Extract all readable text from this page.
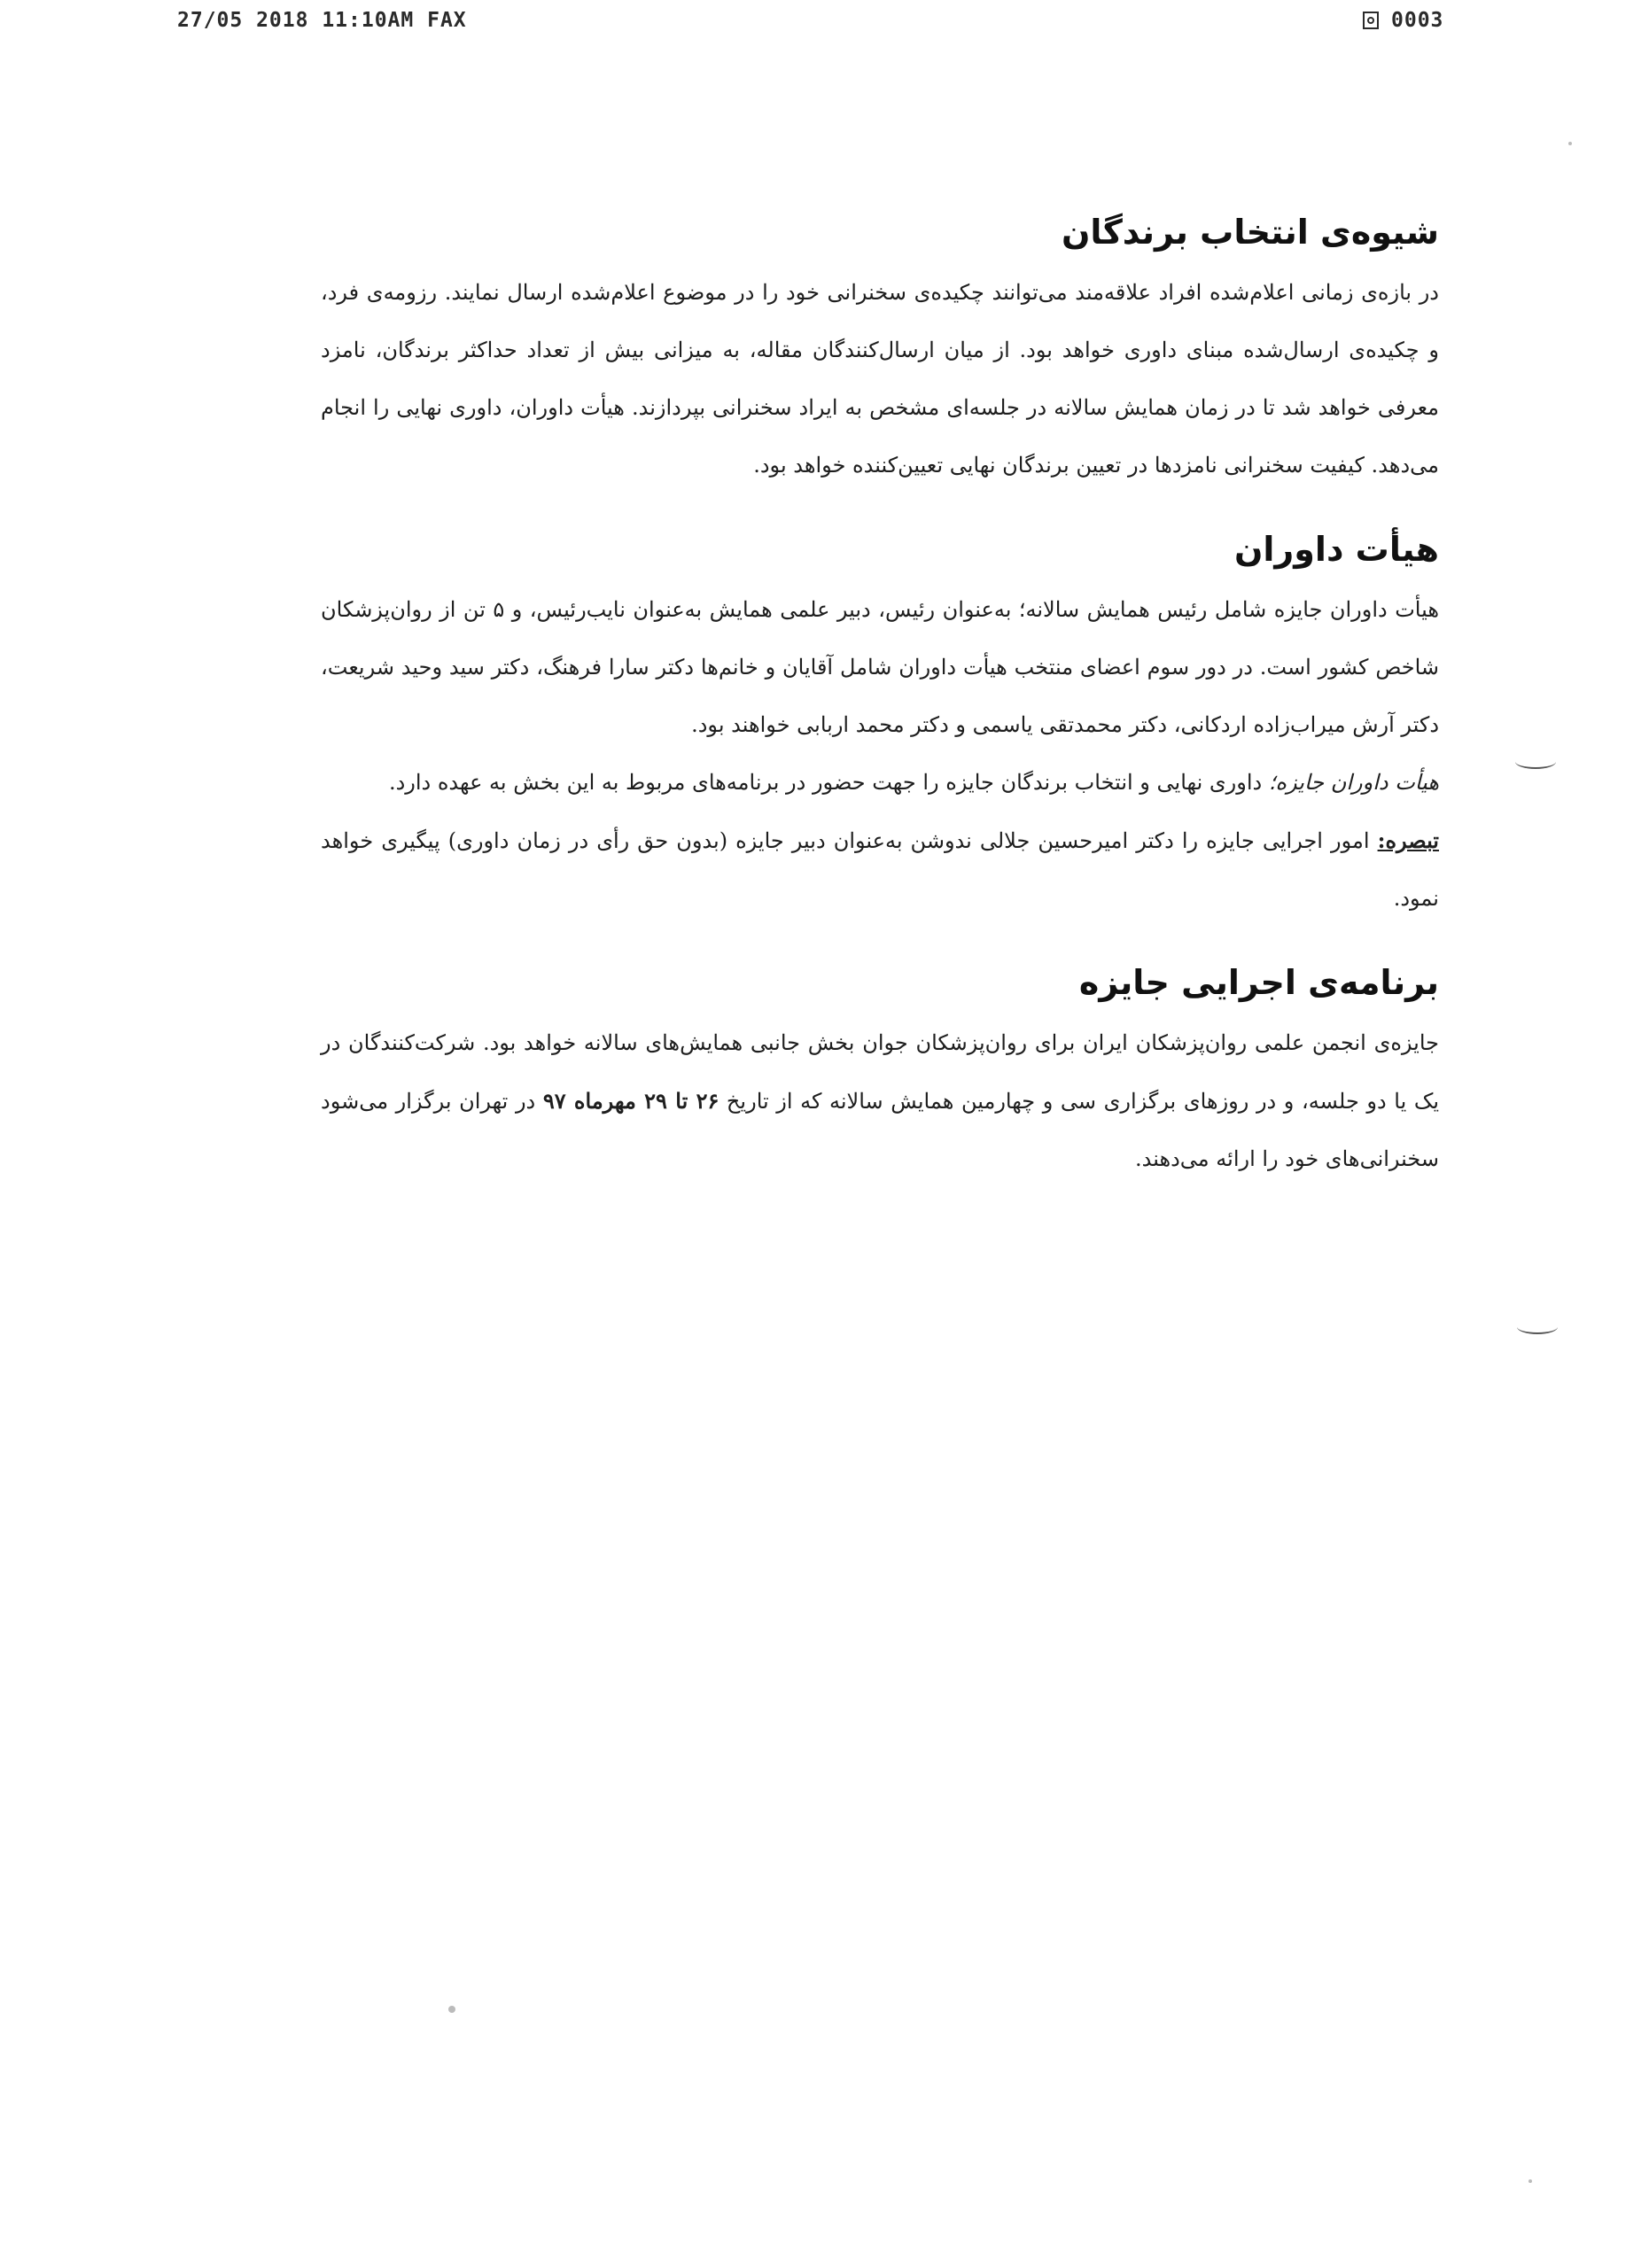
27/05 2018 11:10AM FAX	0003
شیوه‌ی انتخاب برندگان

در بازه‌ی زمانی اعلام‌شده افراد علاقه‌مند می‌توانند چکیده‌ی سخنرانی خود را در موضوع اعلام‌شده ارسال نمایند. رزومه‌ی فرد، و چکیده‌ی ارسال‌شده مبنای داوری خواهد بود. از میان ارسال‌کنندگان مقاله، به میزانی بیش از تعداد حداکثر برندگان، نامزد معرفی خواهد شد تا در زمان همایش سالانه در جلسه‌ای مشخص به ایراد سخنرانی بپردازند. هیأت داوران، داوری نهایی را انجام می‌دهد. کیفیت سخنرانی نامزدها در تعیین برندگان نهایی تعیین‌کننده خواهد بود.

هیأت داوران

هیأت داوران جایزه شامل رئیس همایش سالانه؛ به‌عنوان رئیس، دبیر علمی همایش به‌عنوان نایب‌رئیس، و ۵ تن از روان‌پزشکان شاخص کشور است. در دور سوم اعضای منتخب هیأت داوران شامل آقایان و خانم‌ها دکتر سارا فرهنگ، دکتر سید وحید شریعت، دکتر آرش میراب‌زاده اردکانی، دکتر محمدتقی یاسمی و دکتر محمد اربابی خواهند بود.

هیأت داوران جایزه؛ داوری نهایی و انتخاب برندگان جایزه را جهت حضور در برنامه‌های مربوط به این بخش به عهده دارد.

تبصره: امور اجرایی جایزه را دکتر امیرحسین جلالی ندوشن به‌عنوان دبیر جایزه (بدون حق رأی در زمان داوری) پیگیری خواهد نمود.

برنامه‌ی اجرایی جایزه

جایزه‌ی انجمن علمی روان‌پزشکان ایران برای روان‌پزشکان جوان بخش جانبی همایش‌های سالانه خواهد بود. شرکت‌کنندگان در یک یا دو جلسه، و در روزهای برگزاری سی و چهارمین همایش سالانه که از تاریخ ۲۶ تا ۲۹ مهرماه ۹۷ در تهران برگزار می‌شود سخنرانی‌های خود را ارائه می‌دهند.
